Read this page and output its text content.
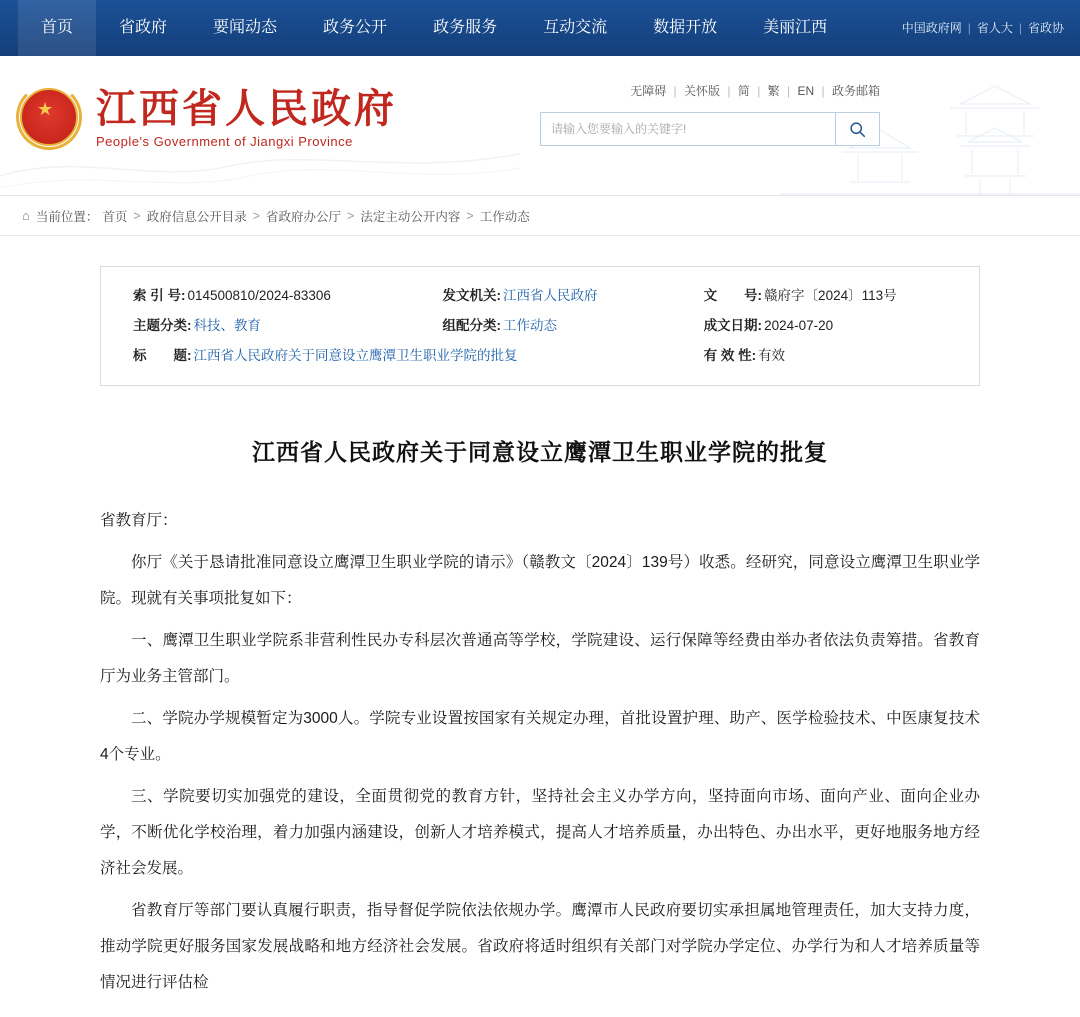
首页	省政府	要闻动态	政务公开	政务服务	互动交流	数据开放	美丽江西	中国政府网 | 省人大 | 省政协
★ 江西省人民政府
People's Government of Jiangxi Province
无障碍 | 关怀版 | 简 | 繁 | EN | 政务邮箱
请输入您要输入的关键字!
⌂ 当前位置： 首页 > 政府信息公开目录 > 省政府办公厅 > 法定主动公开内容 > 工作动态
索 引 号: 014500810/2024-83306	发文机关: 江西省人民政府	文　　号: 赣府字〔2024〕113号
主题分类: 科技、教育	组配分类: 工作动态	成文日期: 2024-07-20
标　　题: 江西省人民政府关于同意设立鹰潭卫生职业学院的批复	有 效 性: 有效
江西省人民政府关于同意设立鹰潭卫生职业学院的批复

省教育厅：

你厅《关于恳请批准同意设立鹰潭卫生职业学院的请示》（赣教文〔2024〕139号）收悉。经研究，同意设立鹰潭卫生职业学院。现就有关事项批复如下：

一、鹰潭卫生职业学院系非营利性民办专科层次普通高等学校，学院建设、运行保障等经费由举办者依法负责筹措。省教育厅为业务主管部门。

二、学院办学规模暂定为3000人。学院专业设置按国家有关规定办理，首批设置护理、助产、医学检验技术、中医康复技术4个专业。

三、学院要切实加强党的建设，全面贯彻党的教育方针，坚持社会主义办学方向，坚持面向市场、面向产业、面向企业办学，不断优化学校治理，着力加强内涵建设，创新人才培养模式，提高人才培养质量，办出特色、办出水平，更好地服务地方经济社会发展。

省教育厅等部门要认真履行职责，指导督促学院依法依规办学。鹰潭市人民政府要切实承担属地管理责任，加大支持力度，推动学院更好服务国家发展战略和地方经济社会发展。省政府将适时组织有关部门对学院办学定位、办学行为和人才培养质量等情况进行评估检
